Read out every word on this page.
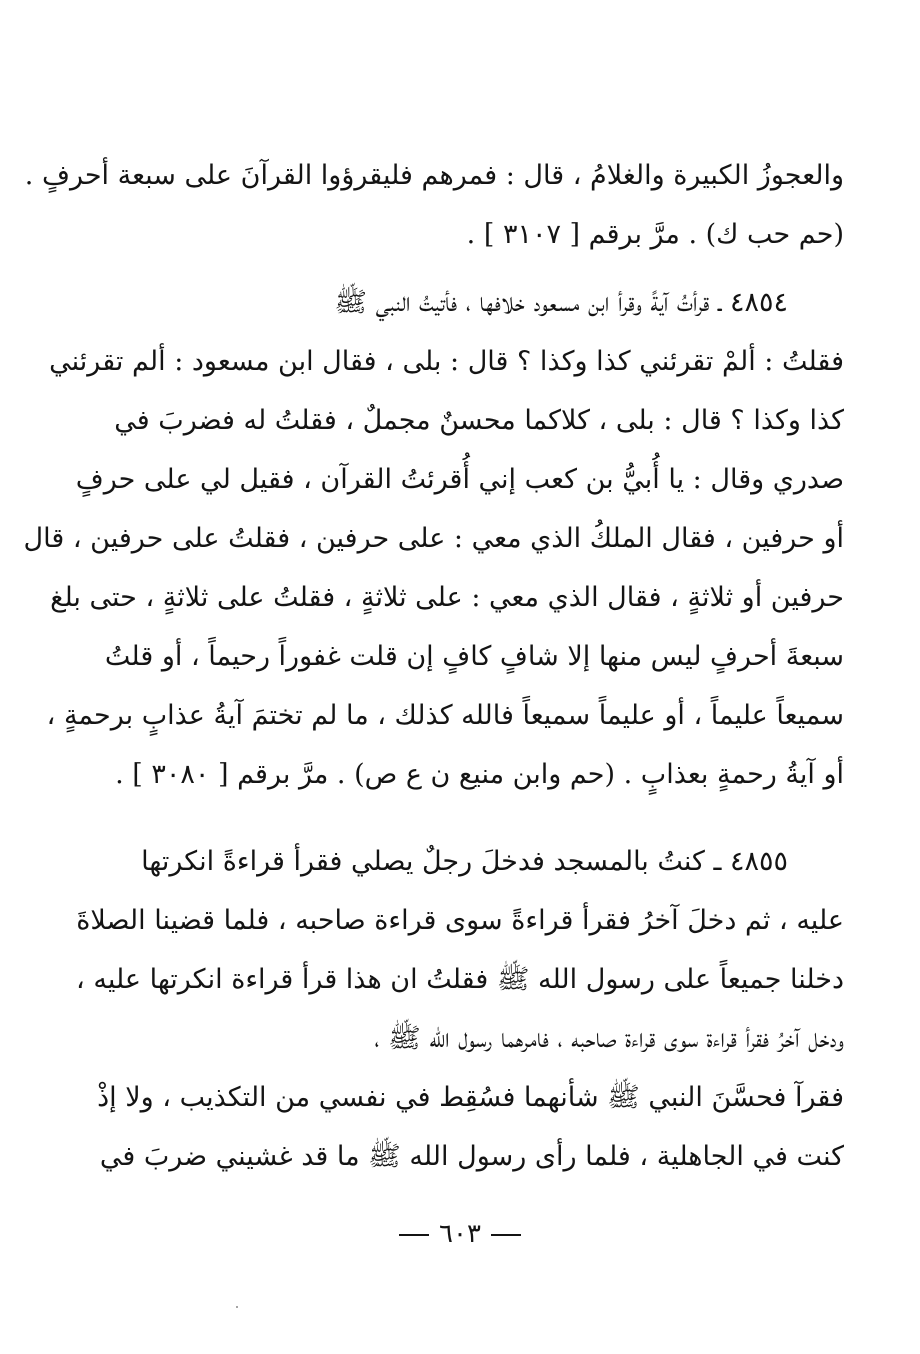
والعجوزُ الكبيرة والغلامُ ، قال : فمرهم فليقرؤوا القرآنَ على سبعة أحرفٍ .
(حم حب ك) . مرَّ برقم [ ٣١٠٧ ] .
٤٨٥٤ ـ قرأتُ آيةً وقرأ ابن مسعود خلافها ، فأتيتُ النبي ﷺ
فقلتُ : ألمْ تقرئني كذا وكذا ؟ قال : بلى ، فقال ابن مسعود : ألم تقرئني
كذا وكذا ؟ قال : بلى ، كلاكما محسنٌ مجملٌ ، فقلتُ له فضربَ في
صدري وقال : يا أُبيُّ بن كعب إني أُقرئتُ القرآن ، فقيل لي على حرفٍ
أو حرفين ، فقال الملكُ الذي معي : على حرفين ، فقلتُ على حرفين ، قال
حرفين أو ثلاثةٍ ، فقال الذي معي : على ثلاثةٍ ، فقلتُ على ثلاثةٍ ، حتى بلغ
سبعةَ أحرفٍ ليس منها إلا شافٍ كافٍ إن قلت غفوراً رحيماً ، أو قلتُ
سميعاً عليماً ، أو عليماً سميعاً فالله كذلك ، ما لم تختمَ آيةُ عذابٍ برحمةٍ ،
أو آيةُ رحمةٍ بعذابٍ . (حم وابن منيع ن ع ص) . مرَّ برقم [ ٣٠٨٠ ] .
٤٨٥٥ ـ كنتُ بالمسجد فدخلَ رجلٌ يصلي فقرأ قراءةً انكرتها
عليه ، ثم دخلَ آخرُ فقرأ قراءةً سوى قراءة صاحبه ، فلما قضينا الصلاةَ
دخلنا جميعاً على رسول الله ﷺ فقلتُ ان هذا قرأ قراءة انكرتها عليه ،
ودخل آخرُ فقرأ قراءة سوى قراءة صاحبه ، فامرهما رسول الله ﷺ ،
فقرآ فحسَّنَ النبي ﷺ شأنهما فسُقِط في نفسي من التكذيب ، ولا إذْ
كنت في الجاهلية ، فلما رأى رسول الله ﷺ ما قد غشيني ضربَ في
٦٠٣
